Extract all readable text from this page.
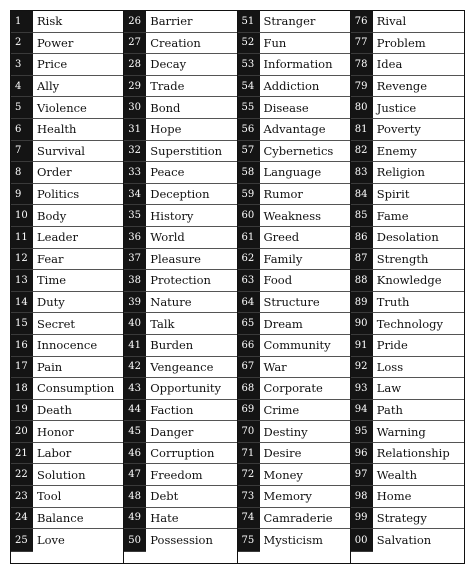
1	Risk
2	Power
3	Price
4	Ally
5	Violence
6	Health
7	Survival
8	Order
9	Politics
10 Body
11 Leader
12 Fear
13 Time
14 Duty
15 Secret
16 Innocence
17 Pain
18 Consumption
19 Death
20 Honor
21 Labor
22 Solution
23 Tool
24 Balance
25 Love
26 Barrier
27 Creation
28 Decay
29 Trade
30 Bond
31 Hope
32 Superstition
33 Peace
34 Deception
35 History
36 World
37 Pleasure
38 Protection
39 Nature
40 Talk
41 Burden
42 Vengeance
43 Opportunity
44 Faction
45 Danger
46 Corruption
47 Freedom
48 Debt
49 Hate
50 Possession
51 Stranger
52 Fun
53 Information
54 Addiction
55 Disease
56 Advantage
57 Cybernetics
58 Language
59 Rumor
60 Weakness
61 Greed
62 Family
63 Food
64 Structure
65 Dream
66 Community
67 War
68 Corporate
69 Crime
70 Destiny
71 Desire
72 Money
73 Memory
74 Camraderie
75 Mysticism
76 Rival
77 Problem
78 Idea
79 Revenge
80 Justice
81 Poverty
82 Enemy
83 Religion
84 Spirit
85 Fame
86 Desolation
87 Strength
88 Knowledge
89 Truth
90 Technology
91 Pride
92 Loss
93 Law
94 Path
95 Warning
96 Relationship
97 Wealth
98 Home
99 Strategy
00 Salvation
